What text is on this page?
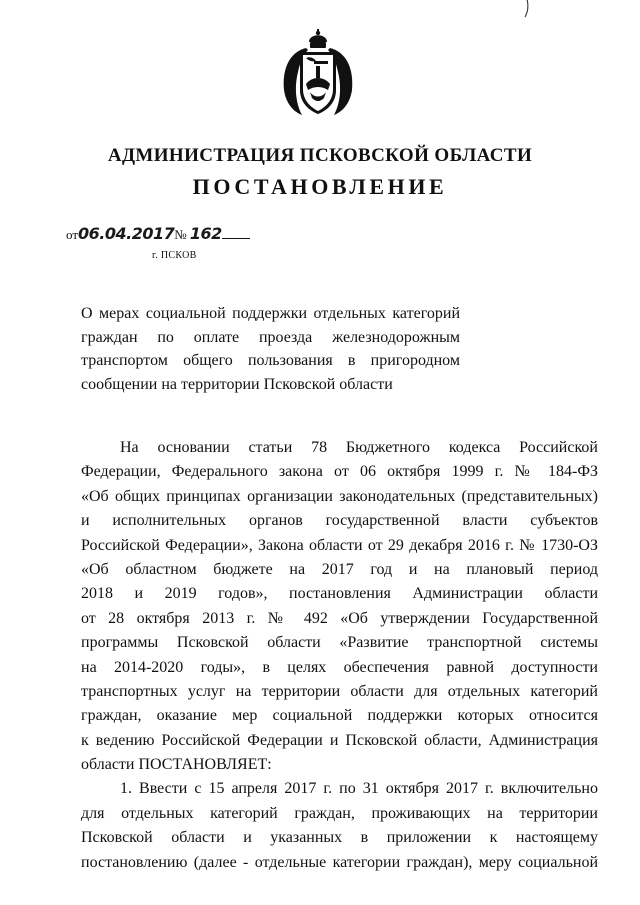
АДМИНИСТРАЦИЯ ПСКОВСКОЙ ОБЛАСТИ
ПОСТАНОВЛЕНИЕ
от06.04.2017№ 162
г. ПСКОВ
О мерах социальной поддержки отдельных категорий
граждан по оплате проезда железнодорожным
транспортом общего пользования в пригородном
сообщении на территории Псковской области
На основании статьи 78 Бюджетного кодекса Российской
Федерации, Федерального закона от 06 октября 1999 г. № 184-ФЗ
«Об общих принципах организации законодательных (представительных)
и исполнительных органов государственной власти субъектов
Российской Федерации», Закона области от 29 декабря 2016 г. № 1730-ОЗ
«Об областном бюджете на 2017 год и на плановый период
2018 и 2019 годов», постановления Администрации области
от 28 октября 2013 г. № 492 «Об утверждении Государственной
программы Псковской области «Развитие транспортной системы
на 2014-2020 годы», в целях обеспечения равной доступности
транспортных услуг на территории области для отдельных категорий
граждан, оказание мер социальной поддержки которых относится
к ведению Российской Федерации и Псковской области, Администрация
области ПОСТАНОВЛЯЕТ:
1. Ввести с 15 апреля 2017 г. по 31 октября 2017 г. включительно
для отдельных категорий граждан, проживающих на территории
Псковской области и указанных в приложении к настоящему
постановлению (далее - отдельные категории граждан), меру социальной
